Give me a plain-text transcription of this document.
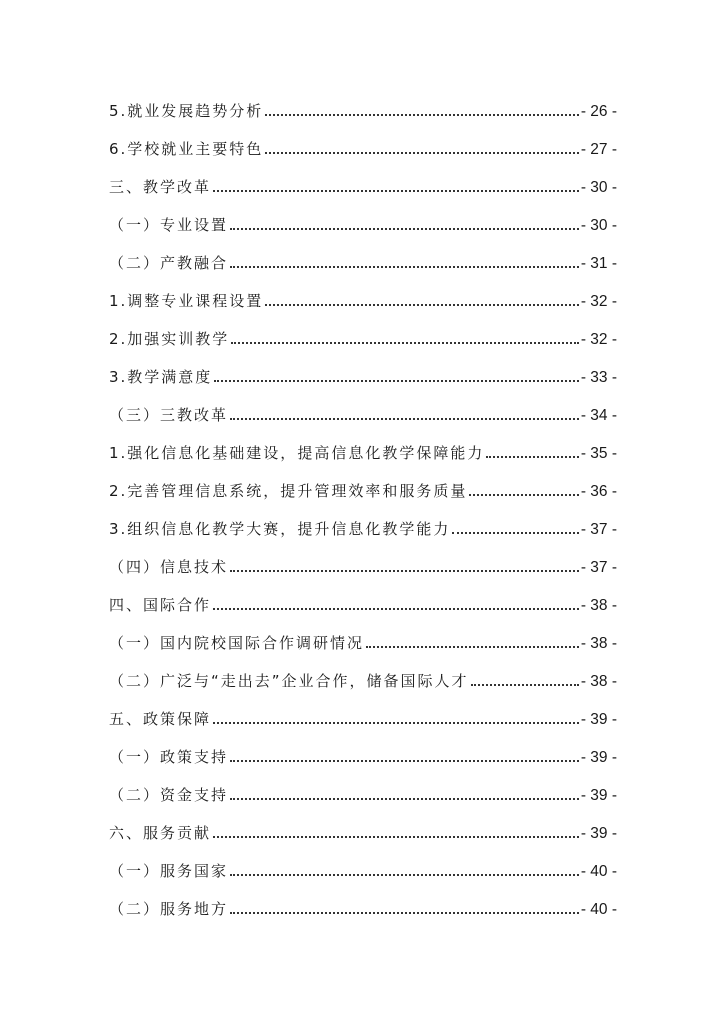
5.就业发展趋势分析	- 26 -
6.学校就业主要特色	- 27 -
三、教学改革	- 30 -
（一）专业设置	- 30 -
（二）产教融合	- 31 -
1.调整专业课程设置	- 32 -
2.加强实训教学	- 32 -
3.教学满意度	- 33 -
（三）三教改革	- 34 -
1.强化信息化基础建设，提高信息化教学保障能力	- 35 -
2.完善管理信息系统，提升管理效率和服务质量	- 36 -
3.组织信息化教学大赛，提升信息化教学能力	- 37 -
（四）信息技术	- 37 -
四、国际合作	- 38 -
（一）国内院校国际合作调研情况	- 38 -
（二）广泛与“走出去”企业合作，储备国际人才	- 38 -
五、政策保障	- 39 -
（一）政策支持	- 39 -
（二）资金支持	- 39 -
六、服务贡献	- 39 -
（一）服务国家	- 40 -
（二）服务地方	- 40 -
